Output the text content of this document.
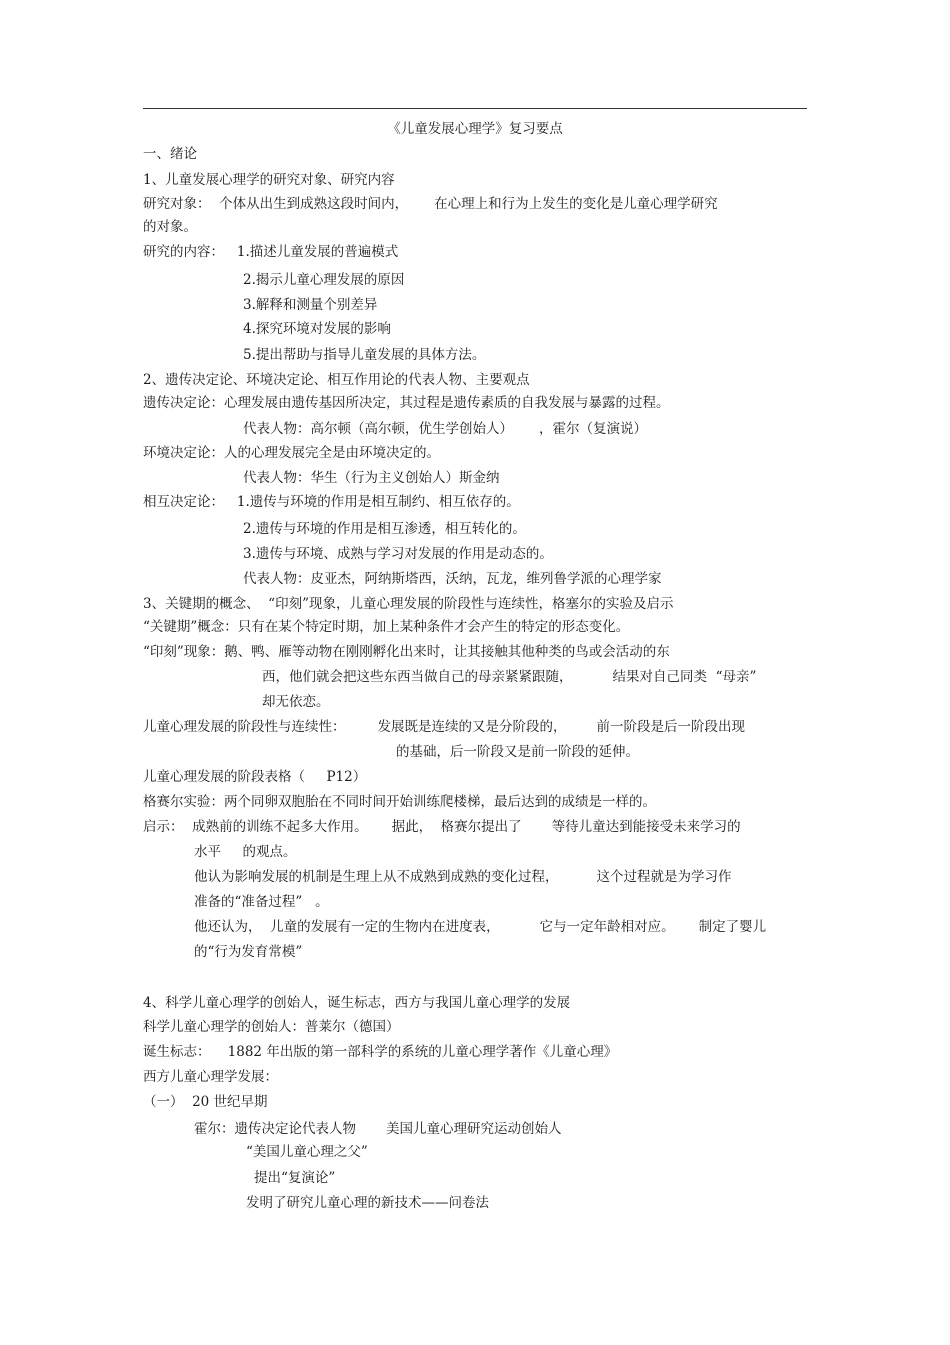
《儿童发展心理学》复习要点
一、绪论
1、儿童发展心理学的研究对象、研究内容
研究对象：  个体从出生到成熟这段时间内， 在心理上和行为上发生的变化是儿童心理学研究
的对象。
研究的内容：   1.描述儿童发展的普遍模式
2.揭示儿童心理发展的原因
3.解释和测量个别差异
4.探究环境对发展的影响
5.提出帮助与指导儿童发展的具体方法。
2、遗传决定论、环境决定论、相互作用论的代表人物、主要观点
遗传决定论：心理发展由遗传基因所决定，其过程是遗传素质的自我发展与暴露的过程。
代表人物：高尔顿（高尔顿，优生学创始人） ，霍尔（复演说）
环境决定论：人的心理发展完全是由环境决定的。
代表人物：华生（行为主义创始人）斯金纳
相互决定论：   1.遗传与环境的作用是相互制约、相互依存的。
2.遗传与环境的作用是相互渗透，相互转化的。
3.遗传与环境、成熟与学习对发展的作用是动态的。
代表人物：皮亚杰，阿纳斯塔西，沃纳，瓦龙，维列鲁学派的心理学家
3、关键期的概念、  “印刻”现象，儿童心理发展的阶段性与连续性，格塞尔的实验及启示
“关键期”概念：只有在某个特定时期，加上某种条件才会产生的特定的形态变化。
“印刻”现象：鹅、鸭、雁等动物在刚刚孵化出来时，让其接触其他种类的鸟或会活动的东
西，他们就会把这些东西当做自己的母亲紧紧跟随，	结果对自己同类  “母亲”
却无依恋。
儿童心理发展的阶段性与连续性： 发展既是连续的又是分阶段的， 前一阶段是后一阶段出现
的基础，后一阶段又是前一阶段的延伸。
儿童心理发展的阶段表格（     P12）
格赛尔实验：两个同卵双胞胎在不同时间开始训练爬楼梯，最后达到的成绩是一样的。
启示：  成熟前的训练不起多大作用。 据此，  格赛尔提出了 等待儿童达到能接受未来学习的
水平     的观点。
他认为影响发展的机制是生理上从不成熟到成熟的变化过程，	这个过程就是为学习作
准备的“准备过程”   。
他还认为，  儿童的发展有一定的生物内在进度表，	它与一定年龄相对应。 制定了婴儿
的“行为发育常模”
4、科学儿童心理学的创始人，诞生标志，西方与我国儿童心理学的发展
科学儿童心理学的创始人：普莱尔（德国）
诞生标志：    1882 年出版的第一部科学的系统的儿童心理学著作《儿童心理》
西方儿童心理学发展：
（一）  20 世纪早期
霍尔：遗传决定论代表人物 美国儿童心理研究运动创始人
“美国儿童心理之父”
提出“复演论”
发明了研究儿童心理的新技术——问卷法
